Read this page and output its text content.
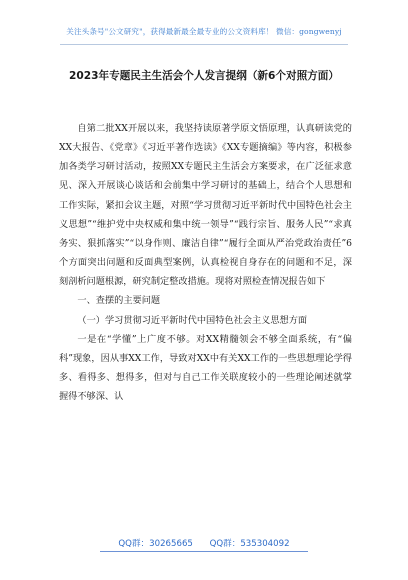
关注头条号"公文研究"，获得最新最全最专业的公文资料库！ 微信：gongwenyj
2023年专题民主生活会个人发言提纲（新6个对照方面）

自第二批XX开展以来，我坚持读原著学原文悟原理，认真研读党的XX大报告、《党章》《习近平著作选读》《XX专题摘编》等内容，积极参加各类学习研讨活动，按照XX专题民主生活会方案要求，在广泛征求意见、深入开展谈心谈话和会前集中学习研讨的基础上，结合个人思想和工作实际，紧扣会议主题，对照“学习贯彻习近平新时代中国特色社会主义思想”“维护党中央权威和集中统一领导”“践行宗旨、服务人民”“求真务实、狠抓落实”“以身作则、廉洁自律”“履行全面从严治党政治责任”6个方面突出问题和反面典型案例，认真检视自身存在的问题和不足，深刻剖析问题根源，研究制定整改措施。现将对照检查情况报告如下

一、查摆的主要问题

（一）学习贯彻习近平新时代中国特色社会主义思想方面

一是在“学懂”上广度不够。对XX精髓领会不够全面系统，有“偏科”现象，因从事XX工作，导致对XX中有关XX工作的一些思想理论学得多、看得多、想得多，但对与自己工作关联度较小的一些理论阐述就掌握得不够深、认

QQ群：30265665 QQ群：535304092
